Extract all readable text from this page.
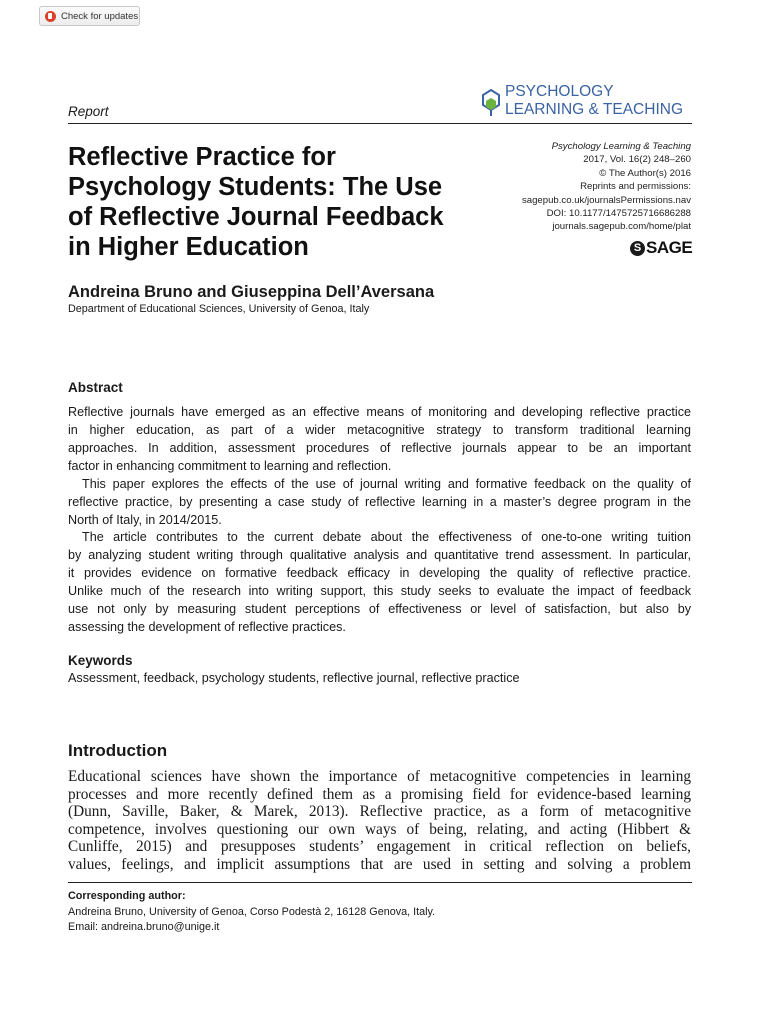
Check for updates
Report
PSYCHOLOGY
LEARNING & TEACHING
Reflective Practice for
Psychology Students: The Use
of Reflective Journal Feedback
in Higher Education
Psychology Learning & Teaching
2017, Vol. 16(2) 248–260
© The Author(s) 2016
Reprints and permissions:
sagepub.co.uk/journalsPermissions.nav
DOI: 10.1177/1475725716686288
journals.sagepub.com/home/plat
S SAGE
Andreina Bruno and Giuseppina Dell’Aversana
Department of Educational Sciences, University of Genoa, Italy
Abstract

Reflective journals have emerged as an effective means of monitoring and developing reflective practice
in higher education, as part of a wider metacognitive strategy to transform traditional learning
approaches. In addition, assessment procedures of reflective journals appear to be an important
factor in enhancing commitment to learning and reflection.

This paper explores the effects of the use of journal writing and formative feedback on the quality of
reflective practice, by presenting a case study of reflective learning in a master’s degree program in the
North of Italy, in 2014/2015.

The article contributes to the current debate about the effectiveness of one-to-one writing tuition
by analyzing student writing through qualitative analysis and quantitative trend assessment. In particular,
it provides evidence on formative feedback efficacy in developing the quality of reflective practice.
Unlike much of the research into writing support, this study seeks to evaluate the impact of feedback
use not only by measuring student perceptions of effectiveness or level of satisfaction, but also by
assessing the development of reflective practices.

Keywords
Assessment, feedback, psychology students, reflective journal, reflective practice
Introduction
Educational sciences have shown the importance of metacognitive competencies in learning
processes and more recently defined them as a promising field for evidence-based learning
(Dunn, Saville, Baker, & Marek, 2013). Reflective practice, as a form of metacognitive
competence, involves questioning our own ways of being, relating, and acting (Hibbert &
Cunliffe, 2015) and presupposes students’ engagement in critical reflection on beliefs,
values, feelings, and implicit assumptions that are used in setting and solving a problem
Corresponding author:
Andreina Bruno, University of Genoa, Corso Podestà 2, 16128 Genova, Italy.
Email: andreina.bruno@unige.it
